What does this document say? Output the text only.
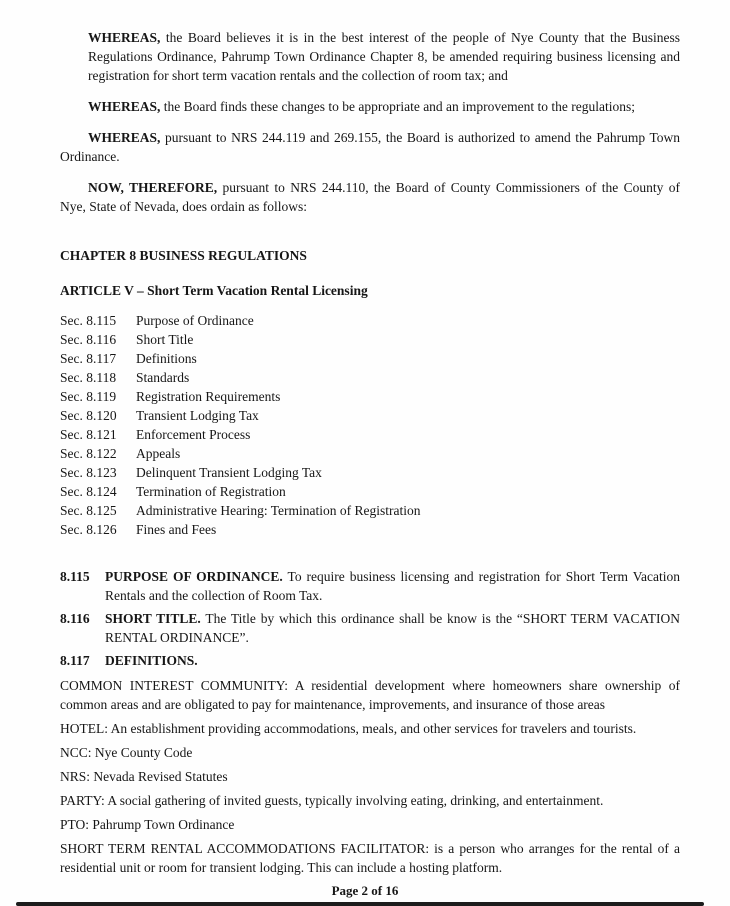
WHEREAS, the Board believes it is in the best interest of the people of Nye County that the Business Regulations Ordinance, Pahrump Town Ordinance Chapter 8, be amended requiring business licensing and registration for short term vacation rentals and the collection of room tax; and

WHEREAS, the Board finds these changes to be appropriate and an improvement to the regulations;

WHEREAS, pursuant to NRS 244.119 and 269.155, the Board is authorized to amend the Pahrump Town Ordinance.

NOW, THEREFORE, pursuant to NRS 244.110, the Board of County Commissioners of the County of Nye, State of Nevada, does ordain as follows:

CHAPTER 8 BUSINESS REGULATIONS

ARTICLE V – Short Term Vacation Rental Licensing

Sec. 8.115	Purpose of Ordinance
Sec. 8.116	Short Title
Sec. 8.117	Definitions
Sec. 8.118	Standards
Sec. 8.119	Registration Requirements
Sec. 8.120	Transient Lodging Tax
Sec. 8.121	Enforcement Process
Sec. 8.122	Appeals
Sec. 8.123	Delinquent Transient Lodging Tax
Sec. 8.124	Termination of Registration
Sec. 8.125	Administrative Hearing: Termination of Registration
Sec. 8.126	Fines and Fees

8.115 PURPOSE OF ORDINANCE. To require business licensing and registration for Short Term Vacation Rentals and the collection of Room Tax.

8.116 SHORT TITLE. The Title by which this ordinance shall be know is the “SHORT TERM VACATION RENTAL ORDINANCE”.

8.117 DEFINITIONS.

COMMON INTEREST COMMUNITY: A residential development where homeowners share ownership of common areas and are obligated to pay for maintenance, improvements, and insurance of those areas

HOTEL: An establishment providing accommodations, meals, and other services for travelers and tourists.

NCC: Nye County Code

NRS: Nevada Revised Statutes

PARTY: A social gathering of invited guests, typically involving eating, drinking, and entertainment.

PTO: Pahrump Town Ordinance

SHORT TERM RENTAL ACCOMMODATIONS FACILITATOR: is a person who arranges for the rental of a residential unit or room for transient lodging. This can include a hosting platform.

Page 2 of 16
